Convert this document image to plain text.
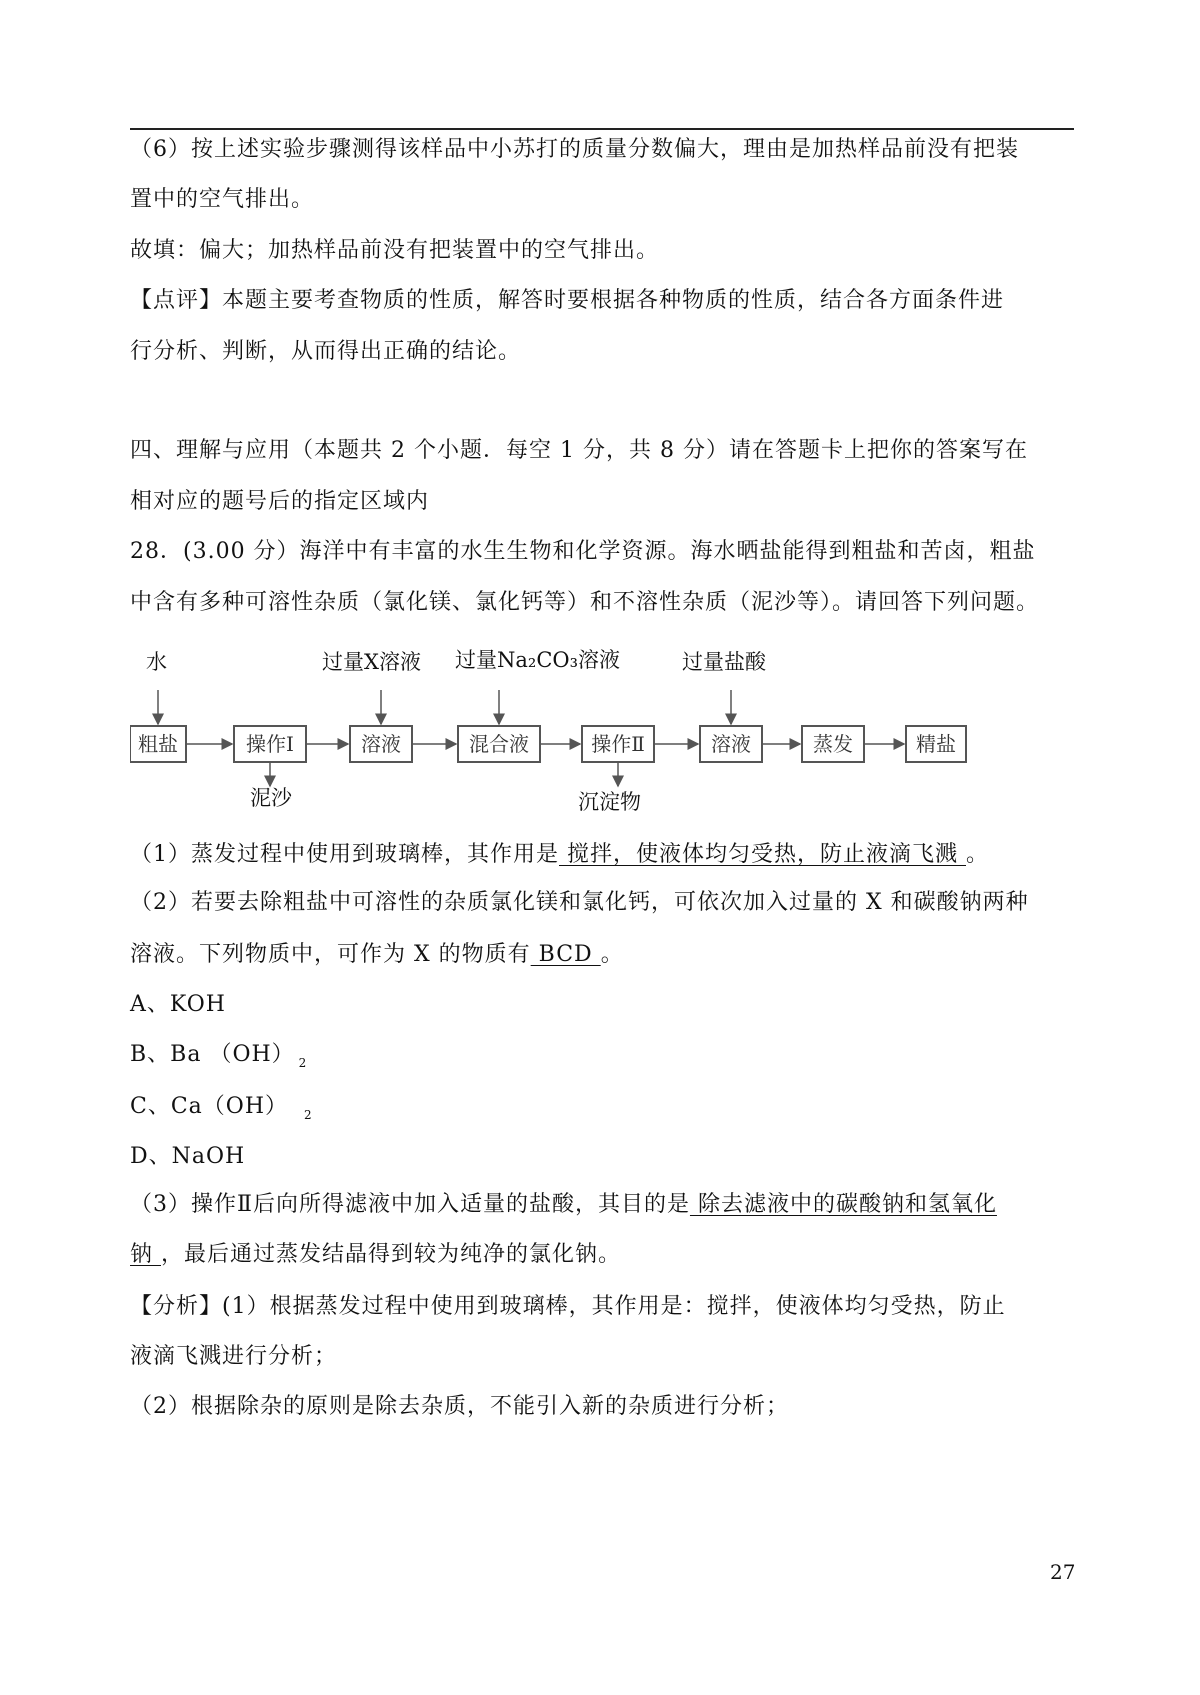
（6）按上述实验步骤测得该样品中小苏打的质量分数偏大，理由是加热样品前没有把装
置中的空气排出。
故填：偏大；加热样品前没有把装置中的空气排出。
【点评】本题主要考查物质的性质，解答时要根据各种物质的性质，结合各方面条件进
行分析、判断，从而得出正确的结论。
四、理解与应用（本题共 2 个小题．每空 1 分，共 8 分）请在答题卡上把你的答案写在
相对应的题号后的指定区域内
28．(3.00 分）海洋中有丰富的水生生物和化学资源。海水晒盐能得到粗盐和苦卤，粗盐
中含有多种可溶性杂质（氯化镁、氯化钙等）和不溶性杂质（泥沙等）。请回答下列问题。
粗盐	操作Ⅰ	溶液	混合液	操作Ⅱ	溶液	蒸发	精盐
水	过量X溶液 过量Na₂CO₃溶液	过量盐酸
泥沙	沉淀物
（1）蒸发过程中使用到玻璃棒，其作用是 搅拌，使液体均匀受热，防止液滴飞溅 。
（2）若要去除粗盐中可溶性的杂质氯化镁和氯化钙，可依次加入过量的 X 和碳酸钠两种
溶液。下列物质中，可作为 X 的物质有 BCD 。
A、KOH
B、Ba （OH） $_2$
C、Ca（OH） $_2$
D、NaOH
（3）操作Ⅱ后向所得滤液中加入适量的盐酸，其目的是 除去滤液中的碳酸钠和氢氧化
钠 ，最后通过蒸发结晶得到较为纯净的氯化钠。
【分析】(1）根据蒸发过程中使用到玻璃棒，其作用是：搅拌，使液体均匀受热，防止
液滴飞溅进行分析；
（2）根据除杂的原则是除去杂质，不能引入新的杂质进行分析；
27
